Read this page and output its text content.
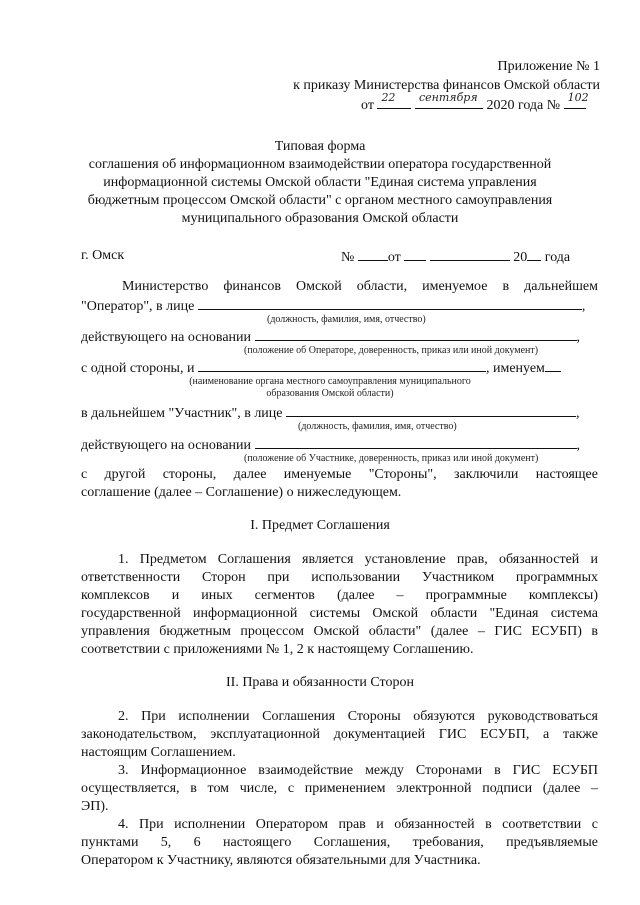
Приложение № 1
к приказу Министерства финансов Омской области
от
22
сентября
2020 года №
102
Типовая форма
соглашения об информационном взаимодействии оператора государственной
информационной системы Омской области "Единая система управления
бюджетным процессом Омской области" с органом местного самоуправления
муниципального образования Омской области
г. Омск	№ от	20 года
Министерство финансов Омской области, именуемое в дальнейшем
"Оператор", в лице	,
(должность, фамилия, имя, отчество)
действующего на основании	,
(положение об Операторе, доверенность, приказ или иной документ)
с одной стороны, и	, именуем
(наименование органа местного самоуправления муниципального
образования Омской области)
в дальнейшем "Участник", в лице	,
(должность, фамилия, имя, отчество)
действующего на основании	,
(положение об Участнике, доверенность, приказ или иной документ)
с другой стороны, далее именуемые "Стороны", заключили настоящее
соглашение (далее – Соглашение) о нижеследующем.
I. Предмет Соглашения
1. Предметом Соглашения является установление прав, обязанностей и
ответственности Сторон при использовании Участником программных
комплексов и иных сегментов (далее – программные комплексы)
государственной информационной системы Омской области "Единая система
управления бюджетным процессом Омской области" (далее – ГИС ЕСУБП) в
соответствии с приложениями № 1, 2 к настоящему Соглашению.
II. Права и обязанности Сторон
2. При исполнении Соглашения Стороны обязуются руководствоваться
законодательством, эксплуатационной документацией ГИС ЕСУБП, а также
настоящим Соглашением.
3. Информационное взаимодействие между Сторонами в ГИС ЕСУБП
осуществляется, в том числе, с применением электронной подписи (далее –
ЭП).
4. При исполнении Оператором прав и обязанностей в соответствии с
пунктами 5, 6 настоящего Соглашения, требования, предъявляемые
Оператором к Участнику, являются обязательными для Участника.
